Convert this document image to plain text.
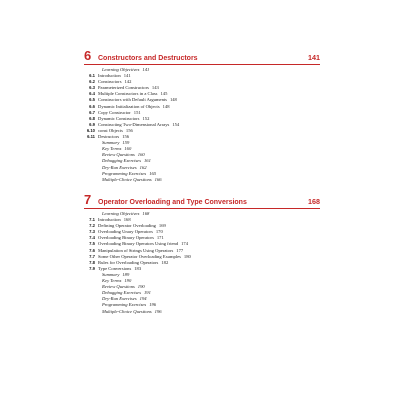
6 Constructors and Destructors	141
Learning Objectives 141
6.1 Introduction 141
6.2 Constructors 142
6.3 Parameterized Constructors 143
6.4 Multiple Constructors in a Class 145
6.5 Constructors with Default Arguments 148
6.6 Dynamic Initialization of Objects 148
6.7 Copy Constructor 151
6.8 Dynamic Constructors 152
6.9 Constructing Two-Dimensional Arrays 154
6.10 const Objects 156
6.11 Destructors 156
Summary 159
Key Terms 160
Review Questions 160
Debugging Exercises 161
Dry-Run Exercises 162
Programming Exercises 165
Multiple-Choice Questions 166
7 Operator Overloading and Type Conversions	168
Learning Objectives 168
7.1 Introduction 168
7.2 Defining Operator Overloading 169
7.3 Overloading Unary Operators 170
7.4 Overloading Binary Operators 171
7.5 Overloading Binary Operators Using friend 174
7.6 Manipulation of Strings Using Operators 177
7.7 Some Other Operator Overloading Examples 180
7.8 Rules for Overloading Operators 182
7.9 Type Conversions 183
Summary 189
Key Terms 190
Review Questions 190
Debugging Exercises 191
Dry-Run Exercises 194
Programming Exercises 196
Multiple-Choice Questions 196
